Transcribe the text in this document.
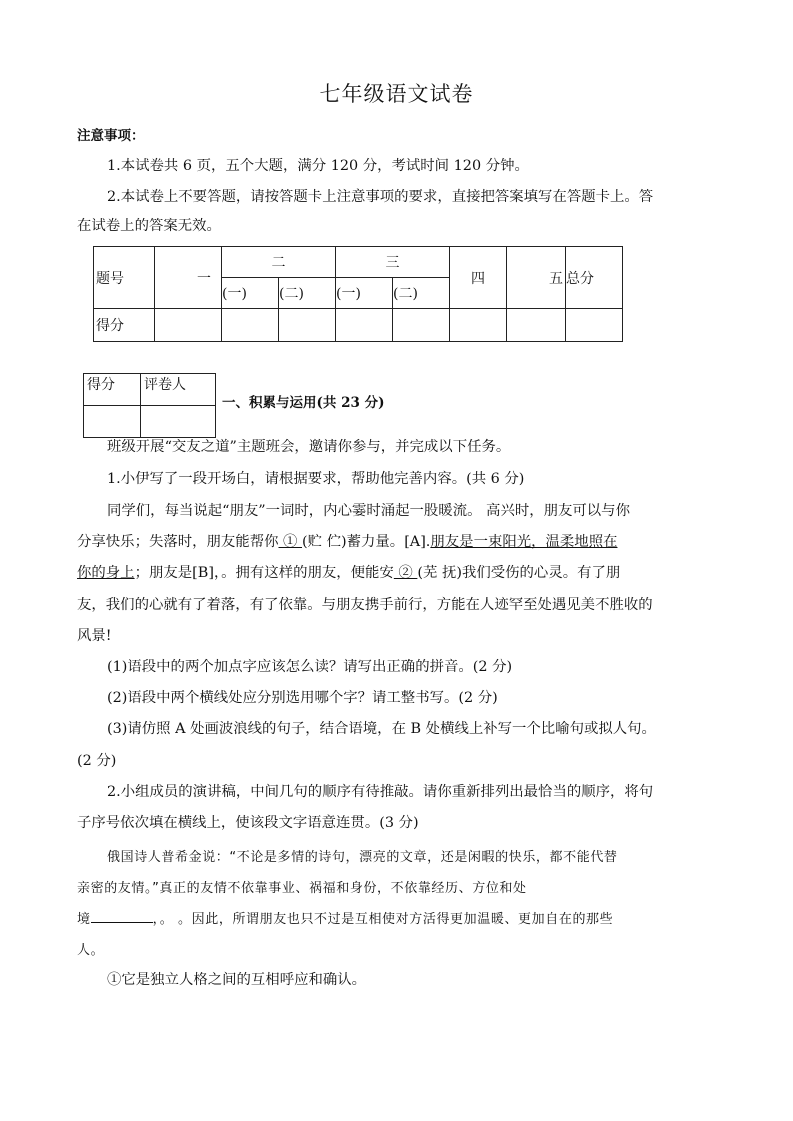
七年级语文试卷
注意事项：
1.本试卷共 6 页，五个大题，满分 120 分，考试时间 120 分钟。
2.本试卷上不要答题，请按答题卡上注意事项的要求，直接把答案填写在答题卡上。答
在试卷上的答案无效。
题号	一	二		三		四	五	总分
		(一)	(二)	(一)	(二)			
得分								
得分	评卷人

一、积累与运用(共 23 分)
班级开展“交友之道”主题班会，邀请你参与，并完成以下任务。
1.小伊写了一段开场白，请根据要求，帮助他完善内容。(共 6 分)
同学们，每当说起“朋友”一词时，内心霎时涌起一股暖流。 高兴时，朋友可以与你
分享快乐；失落时，朋友能帮你 ① (贮 伫)蓄力量。[A].朋友是一束阳光，温柔地照在
你的身上；朋友是[B]，。拥有这样的朋友，便能安 ② (芜 抚)我们受伤的心灵。有了朋
友，我们的心就有了着落，有了依靠。与朋友携手前行，方能在人迹罕至处遇见美不胜收的
风景!
(1)语段中的两个加点字应该怎么读？请写出正确的拼音。(2 分)
(2)语段中两个横线处应分别选用哪个字？请工整书写。(2 分)
(3)请仿照 A 处画波浪线的句子，结合语境，在 B 处横线上补写一个比喻句或拟人句。
(2 分)
2.小组成员的演讲稿，中间几句的顺序有待推敲。请你重新排列出最恰当的顺序，将句
子序号依次填在横线上，使该段文字语意连贯。(3 分)
俄国诗人普希金说：“不论是多情的诗句，漂亮的文章，还是闲暇的快乐，都不能代替
亲密的友情。”真正的友情不依靠事业、祸福和身份，不依靠经历、方位和处
境	，。 。因此，所谓朋友也只不过是互相使对方活得更加温暖、更加自在的那些
人。
①它是独立人格之间的互相呼应和确认。
